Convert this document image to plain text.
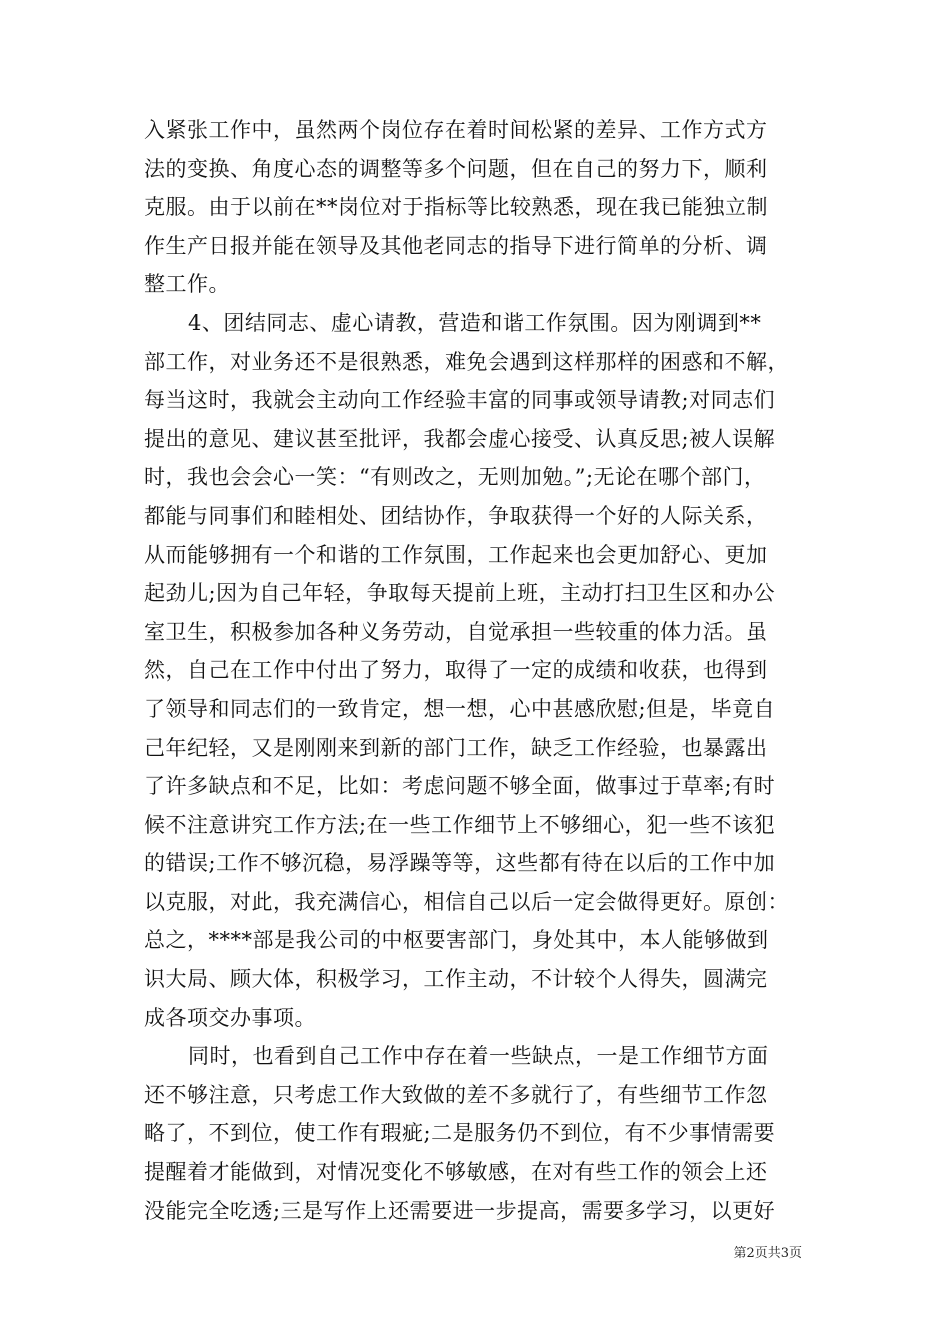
入紧张工作中，虽然两个岗位存在着时间松紧的差异、工作方式方
法的变换、角度心态的调整等多个问题，但在自己的努力下，顺利
克服。由于以前在**岗位对于指标等比较熟悉，现在我已能独立制
作生产日报并能在领导及其他老同志的指导下进行简单的分析、调
整工作。
4、团结同志、虚心请教，营造和谐工作氛围。因为刚调到**
部工作，对业务还不是很熟悉，难免会遇到这样那样的困惑和不解，
每当这时，我就会主动向工作经验丰富的同事或领导请教;对同志们
提出的意见、建议甚至批评，我都会虚心接受、认真反思;被人误解
时，我也会会心一笑：“有则改之，无则加勉。”;无论在哪个部门，
都能与同事们和睦相处、团结协作，争取获得一个好的人际关系，
从而能够拥有一个和谐的工作氛围，工作起来也会更加舒心、更加
起劲儿;因为自己年轻，争取每天提前上班，主动打扫卫生区和办公
室卫生，积极参加各种义务劳动，自觉承担一些较重的体力活。虽
然，自己在工作中付出了努力，取得了一定的成绩和收获，也得到
了领导和同志们的一致肯定，想一想，心中甚感欣慰;但是，毕竟自
己年纪轻，又是刚刚来到新的部门工作，缺乏工作经验，也暴露出
了许多缺点和不足，比如：考虑问题不够全面，做事过于草率;有时
候不注意讲究工作方法;在一些工作细节上不够细心，犯一些不该犯
的错误;工作不够沉稳，易浮躁等等，这些都有待在以后的工作中加
以克服，对此，我充满信心，相信自己以后一定会做得更好。原创：
总之，****部是我公司的中枢要害部门，身处其中，本人能够做到
识大局、顾大体，积极学习，工作主动，不计较个人得失，圆满完
成各项交办事项。
同时，也看到自己工作中存在着一些缺点，一是工作细节方面
还不够注意，只考虑工作大致做的差不多就行了，有些细节工作忽
略了，不到位，使工作有瑕疵;二是服务仍不到位，有不少事情需要
提醒着才能做到，对情况变化不够敏感，在对有些工作的领会上还
没能完全吃透;三是写作上还需要进一步提高，需要多学习，以更好
第2页共3页
